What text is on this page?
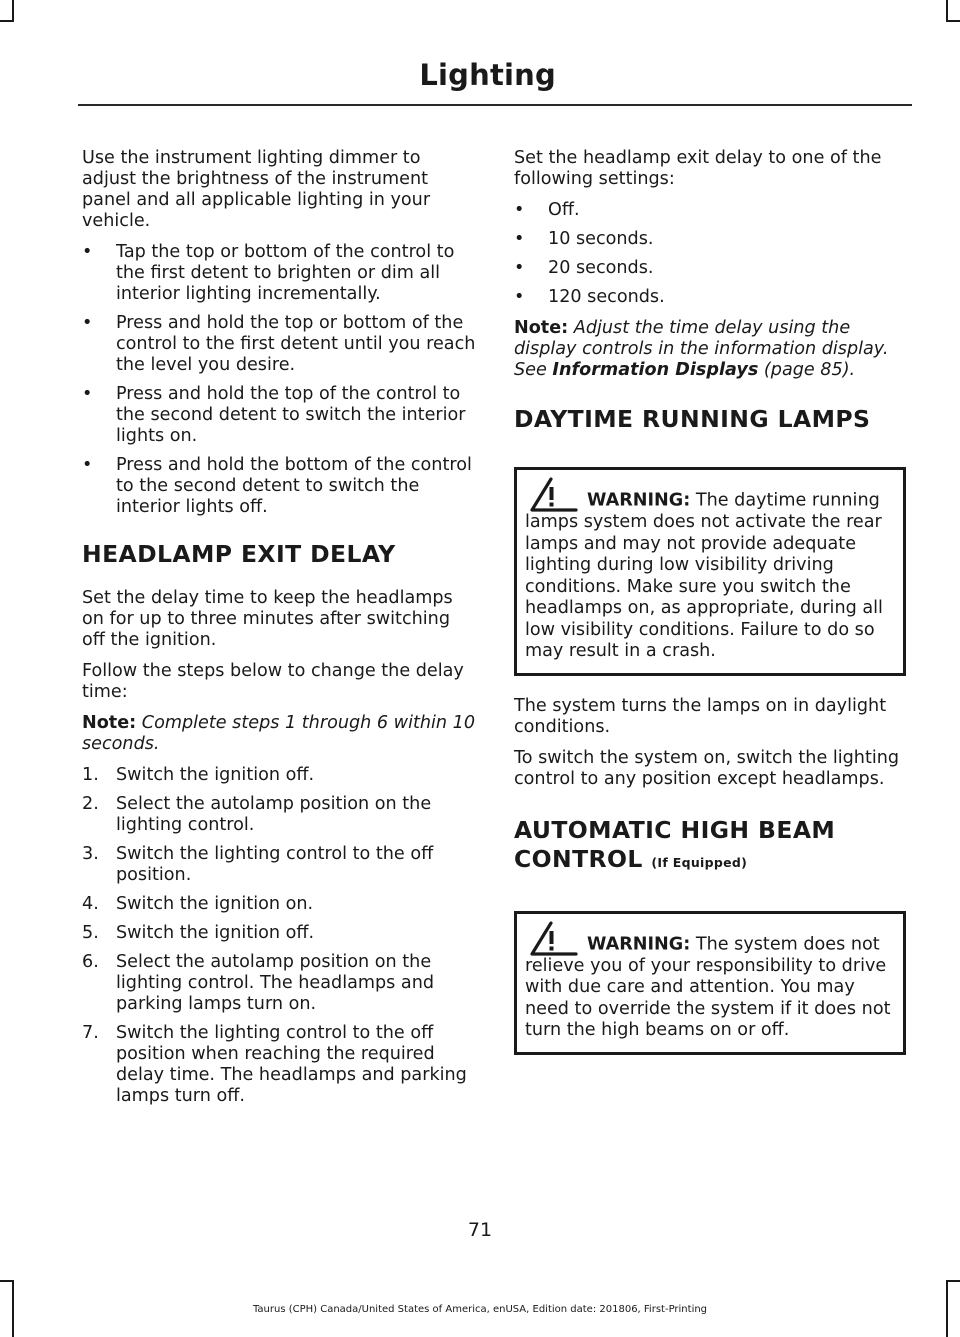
Lighting

Use the instrument lighting dimmer to adjust the brightness of the instrument panel and all applicable lighting in your vehicle.

• Tap the top or bottom of the control to the first detent to brighten or dim all interior lighting incrementally.
• Press and hold the top or bottom of the control to the first detent until you reach the level you desire.
• Press and hold the top of the control to the second detent to switch the interior lights on.
• Press and hold the bottom of the control to the second detent to switch the interior lights off.
HEADLAMP EXIT DELAY

Set the delay time to keep the headlamps on for up to three minutes after switching off the ignition.

Follow the steps below to change the delay time:

Note: Complete steps 1 through 6 within 10 seconds.

1. Switch the ignition off.
2. Select the autolamp position on the lighting control.
3. Switch the lighting control to the off position.
4. Switch the ignition on.
5. Switch the ignition off.
6. Select the autolamp position on the lighting control. The headlamps and parking lamps turn on.
7. Switch the lighting control to the off position when reaching the required delay time. The headlamps and parking lamps turn off.

Set the headlamp exit delay to one of the following settings:

• Off.
• 10 seconds.
• 20 seconds.
• 120 seconds.

Note: Adjust the time delay using the display controls in the information display. See Information Displays (page 85).

DAYTIME RUNNING LAMPS
WARNING: The daytime running lamps system does not activate the rear lamps and may not provide adequate lighting during low visibility driving conditions. Make sure you switch the headlamps on, as appropriate, during all low visibility conditions. Failure to do so may result in a crash.

The system turns the lamps on in daylight conditions.

To switch the system on, switch the lighting control to any position except headlamps.

AUTOMATIC HIGH BEAM
CONTROL (If Equipped)
WARNING: The system does not relieve you of your responsibility to drive with due care and attention. You may need to override the system if it does not turn the high beams on or off.
71
Taurus (CPH) Canada/United States of America, enUSA, Edition date: 201806, First-Printing
